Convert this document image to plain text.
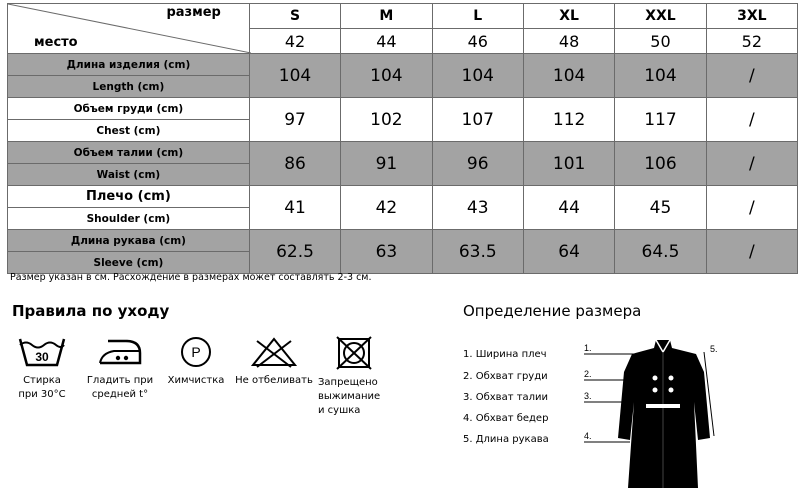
размер
место	S	M	L	XL	XXL	3XL
	42	44	46	48	50	52
Длина изделия (cm)	104	104	104	104	104	/
Length (cm)						
Объем груди (cm)	97	102	107	112	117	/
Chest (cm)						
Объем талии (cm)	86	91	96	101	106	/
Waist (cm)						
Плечо (cm)	41	42	43	44	45	/
Shoulder (cm)						
Длина рукава (cm)	62.5	63	63.5	64	64.5	/
Sleeve (cm)						
Размер указан в см. Расхождение в размерах может составлять 2-3 см.
Правила по уходу
30
Стирка
при 30°C
Гладить при
средней t°
P
Химчистка Не отбеливать Запрещено
выжимание
и сушка
Определение размера
1. Ширина плеч
2. Обхват груди
3. Обхват талии
4. Обхват бедер
5. Длина рукава
1.
2.
3.
4.
5.
